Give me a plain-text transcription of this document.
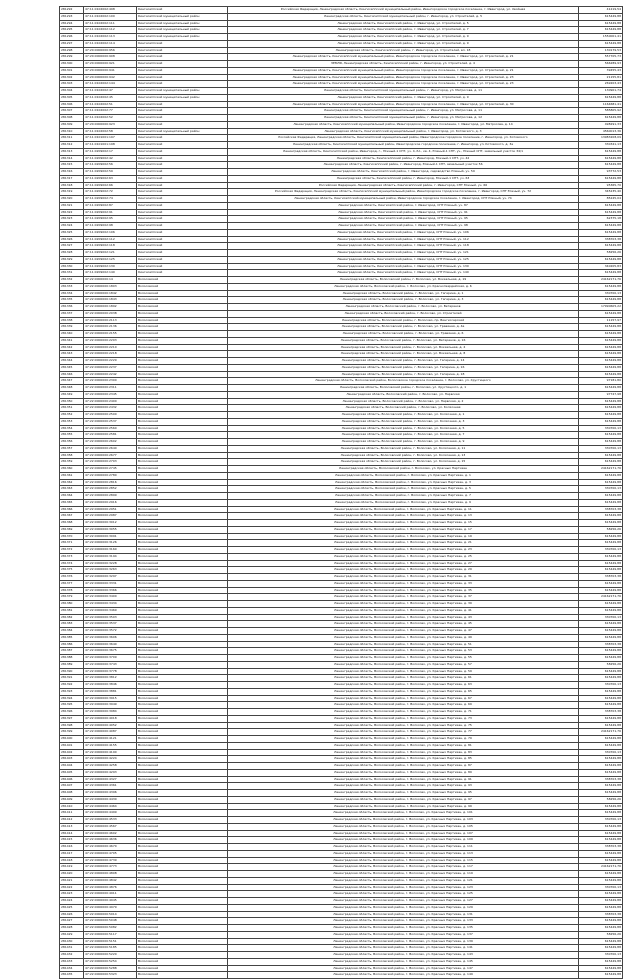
281292	47:11:0102002:498	Кингисеппский	Российская Федерация, Ленинградская область, Кингисеппский муниципальный район, Ивангородское городское поселение, г. Ивангород, ул. Хвойная	41219,54
281293	47:11:0102002:100	Кингисеппский муниципальный район	Ленинградская область, Кингисеппский муниципальный район, г. Ивангород, ул. Строителей, д. 5	615449,88
281294	47:11:0102002:111	Кингисеппский муниципальный район	Ленинградская область, Кингисеппский район, г. Ивангород, ул. Строителей, д. 5	615449,88
281295	47:11:0102002:112	Кингисеппский муниципальный район	Ленинградская область, Кингисеппский район, г. Ивангород, ул. Строителей, д. 7	615449,88
281296	47:11:0102002:113	Кингисеппский муниципальный район	Ленинградская область, Кингисеппский район, г. Ивангород, ул. Строителей, д. 9	1550001,41
281297	47:11:0102002:114	Кингисеппский	Ленинградская область, Кингисеппский район, г. Ивангород, ул. Строителей, д. 9	615449,88
281298	47:20:0000000:956	Кингисеппский	Ленинградская область, Кингисеппский район, г. Ивангород, ул. Строителей, вл. 18	130179,53
281299	47:20:0000000:908	Кингисеппский	Ленинградская область, Кингисеппский муниципальный район, Ивангородское городское поселение, г. Ивангород, ул. Строителей, д. 21	557705,73
281300	47:20:0000000:921	Кингисеппский	ЗЕМЛЯ, Ленинградская область, Кингисеппский район, г. Ивангород, ул. Строителей, д. 4	566289,93
281301	47:20:0000000:941	Кингисеппский	Ленинградская область, Кингисеппский муниципальный район, Ивангородское городское поселение, г. Ивангород, ул. Строителей, д. 21	39455,43
281302	47:20:0000000:942	Кингисеппский	Ленинградская область, Кингисеппский муниципальный район, Ивангородское городское поселение, г. Ивангород, ул. Строителей, д. 23	21155,81
281303	47:11:0102002:144	Кингисеппский	Ленинградская область, Кингисеппский муниципальный район, Ивангородское городское поселение, г. Ивангород, ул. Строителей, д. 23	269203,43
281304	47:11:0102002:47	Кингисеппский муниципальный район	Ленинградская область, Кингисеппский муниципальный район, г. Ивангород, ул. Матросова, д. 11	130901,74
281305	47:11:0102002:45	Кингисеппский муниципальный район	Ленинградская область, Кингисеппский район, г. Ивангород, ул. Строителей, д. 9	615449,88
281306	47:11:0102002:51	Кингисеппский	Ленинградская область, Кингисеппский муниципальный район, Ивангородское городское поселение, г. Ивангород, ул. Строителей, д. 30	1164681,41
281307	47:11:0102002:77	Кингисеппский	Ленинградская область, Кингисеппский муниципальный район, г. Ивангород, ул. Матросова, д. 11	585805,92
281308	47:11:0102002:52	Кингисеппский	Ленинградская область, Кингисеппский муниципальный район, г. Ивангород, ул. Матросова, д. 12	615449,88
281309	47:20:0000000:923	Кингисеппский	Ленинградская область, Кингисеппский муниципальный район, Ивангородское городское поселение, г. Ивангород, ул. Матросова, д. 14	498291,33
281310	47:11:0102002:58	Кингисеппский муниципальный район	Ленинградская область, Кингисеппский муниципальный район, г. Ивангород, ул. Котовского, д. 3	4560013,36
281311	47:11:0101001:197	Кингисеппский	Российская Федерация, Ленинградская область, Кингисеппский муниципальный район, Ивангородское городское поселение, г. Ивангород, ул. Котовского	13983208,09
281312	47:11:0101001:198	Кингисеппский	Ленинградская область, Кингисеппский муниципальный район, Ивангородское городское поселение, г. Ивангород, ул. Котовского, д. 3а	330341,13
281313	47:11:0209002:17	Кингисеппский	Ленинградская область, Кингисеппский район, Ивангород, г., Южный-1 СНТ, уч. 4, бл., кв. 4, Южный-1 СНТ, уч., Южный СНТ, земельный участок 34/1	615449,88
281314	47:11:0209002:42	Кингисеппский	Ленинградская область, Кингисеппский район, г. Ивангород, Южный-1 СНТ, уч. 42	615449,88
281315	47:11:0209002:56	Кингисеппский	Ленинградская область, Кингисеппский район, г. Ивангород, Южный-1 СНТ, земельный участок 56	615449,88
281316	47:11:0209002:59	Кингисеппский	Ленинградская область, Кингисеппский район, г. Ивангород, садоводство Южный, уч. 59	93772,53
281317	47:11:0209002:63	Кингисеппский	Ленинградская область, Кингисеппский район, г. Ивангород, Южный-1 СНТ, уч. 63	615449,88
281318	47:11:0209002:66	Кингисеппский	Российская Федерация, Ленинградская область, Кингисеппский район, г. Ивангород, СНТ Южный, уч. 66	95365,70
281319	47:11:0209002:72	Кингисеппский	Российская Федерация, Ленинградская область, Кингисеппский муниципальный район, Ивангородское городское поселение, г. Ивангород, СНТ Южный, уч. 72	345235,40
281320	47:11:0209002:74	Кингисеппский	Ленинградская область, Кингисеппский муниципальный район, Ивангородское городское поселение, г. Ивангород, СНТ Южный, уч. 74	85245,04
281321	47:11:0209002:87	Кингисеппский	Ленинградская область, Кингисеппский район, г. Ивангород, СНТ Южный, уч. 87	615449,88
281322	47:11:0209002:91	Кингисеппский	Ленинградская область, Кингисеппский район, г. Ивангород, СНТ Южный, уч. 91	615449,88
281323	47:11:0209002:95	Кингисеппский	Ленинградская область, Кингисеппский район, г. Ивангород, СНТ Южный, уч. 95	62375,18
281324	47:11:0209002:98	Кингисеппский	Ленинградская область, Кингисеппский район, г. Ивангород, СНТ Южный, уч. 98	615449,88
281325	47:11:0209002:106	Кингисеппский	Ленинградская область, Кингисеппский район, г. Ивангород, СНТ Южный, уч. 106	615449,88
281326	47:11:0209002:112	Кингисеппский	Ленинградская область, Кингисеппский район, г. Ивангород, СНТ Южный, уч. 112	338703,38
281327	47:11:0209002:118	Кингисеппский	Ленинградская область, Кингисеппский район, г. Ивангород, СНТ Южный, уч. 118	615449,88
281328	47:11:0209002:121	Кингисеппский	Ленинградская область, Кингисеппский район, г. Ивангород, СНТ Южный, уч. 121	58256,26
281329	47:11:0209002:125	Кингисеппский	Ленинградская область, Кингисеппский район, г. Ивангород, СНТ Южный, уч. 125	615449,88
281330	47:11:0209002:130	Кингисеппский	Ленинградская область, Кингисеппский район, г. Ивангород, СНТ Южный, уч. 130	340205,83
281331	47:11:0209002:140	Кингисеппский	Ленинградская область, Кингисеппский район, г. Ивангород, СНТ Южный, уч. 140	615449,88
281332	47:22:0000000:14	Волосовский	Ленинградская область, Волосовский район, г. Волосово, ул. Вокзальная, д. 19	24162171,76
281333	47:22:0000000:1803	Волосовский	Ленинградская область, Волосовский район, г. Волосово, ул. Красногвардейская, д. 6	615449,88
281334	47:22:0000000:1842	Волосовский	Ленинградская область, Волосовский район, г. Волосово, ул. Гагарина, д. 1	330700,13
281335	47:22:0000000:1843	Волосовский	Ленинградская область, Волосовский район, г. Волосово, ул. Гагарина, д. 3	615449,88
281336	47:22:0000000:1892	Волосовский	Ленинградская область, Волосовский район, г. Волосово, ул. Ветеранов	17990605,22
281337	47:22:0000000:2038	Волосовский	Ленинградская область, Волосовский район, г. Волосово, ул. Строителей	615449,88
281338	47:22:0000000:2113	Волосовский	Ленинградская область, Волосовский район, г. Волосово, пр. Вингиссарский	11157,97
281339	47:22:0000000:2136	Волосовский	Ленинградская область, Волосовский район, г. Волосово, ул. Травяная, д. 4а	615449,88
281340	47:22:0000000:2155	Волосовский	Ленинградская область, Волосовский район, г. Волосово, ул. Травяная, д. 6	615449,88
281341	47:22:0000000:2203	Волосовский	Ленинградская область, Волосовский район, г. Волосово, ул. Ветеранов, д. 16	615449,88
281342	47:22:0000000:2210	Волосовский	Ленинградская область, Волосовский район, г. Волосово, ул. Вокзальная, д. 4	615449,88
281343	47:22:0000000:2218	Волосовский	Ленинградская область, Волосовский район, г. Волосово, ул. Вокзальная, д. 8	615449,88
281344	47:22:0000000:2229	Волосовский	Ленинградская область, Волосовский район, г. Волосово, ул. Гагарина, д. 14	615449,88
281345	47:22:0000000:2237	Волосовский	Ленинградская область, Волосовский район, г. Волосово, ул. Гагарина, д. 16	615449,88
281346	47:22:0000000:2242	Волосовский	Ленинградская область, Волосовский район, г. Волосово, ул. Гагарина, д. 18	615449,88
281347	47:22:0000000:2300	Волосовский	Ленинградская область, Волосовский район, Волосовское городское поселение, г. Волосово, ул. Хрустицкого	97181,80
281348	47:22:0000000:2311	Волосовский	Ленинградская область, Волосовский район, г. Волосово, ул. Хрустицкого, д. 1	615449,88
281349	47:22:0000000:2345	Волосовский	Ленинградская область, Волосовский район, г. Волосово, ул. Нарвская	97747,98
281350	47:22:0000000:2400	Волосовский	Ленинградская область, Волосовский район, г. Волосово, ул. Нарвская, д. 2	615449,88
281351	47:22:0000000:2432	Волосовский	Ленинградская область, Волосовский район, г. Волосово, ул. Колхозная	615449,88
281352	47:22:0000000:2500	Волосовский	Ленинградская область, Волосовский район, г. Волосово, ул. Колхозная, д. 1	615449,88
281353	47:22:0000000:2537	Волосовский	Ленинградская область, Волосовский район, г. Волосово, ул. Колхозная, д. 3	615449,88
281354	47:22:0000000:2560	Волосовский	Ленинградская область, Волосовский район, г. Волосово, ул. Колхозная, д. 5	330700,13
281355	47:22:0000000:2581	Волосовский	Ленинградская область, Волосовский район, г. Волосово, ул. Колхозная, д. 7	615449,88
281356	47:22:0000000:2602	Волосовский	Ленинградская область, Волосовский район, г. Волосово, ул. Колхозная, д. 9	615449,88
281357	47:22:0000000:2640	Волосовский	Ленинградская область, Волосовский район, г. Волосово, ул. Колхозная, д. 11	330700,13
281358	47:22:0000000:2677	Волосовский	Ленинградская область, Волосовский район, г. Волосово, ул. Колхозная, д. 13	615449,88
281359	47:22:0000000:2703	Волосовский	Ленинградская область, Волосовский район, г. Волосово, ул. Колхозная, д. 15	615449,88
281360	47:22:0000000:2745	Волосовский	Ленинградская область, Волосовский район, г. Волосово, ул. Красных Партизан	24162171,76
281361	47:22:0000000:2780	Волосовский	Ленинградская область, Волосовский район, г. Волосово, ул. Красных Партизан, д. 1	615449,88
281362	47:22:0000000:2816	Волосовский	Ленинградская область, Волосовский район, г. Волосово, ул. Красных Партизан, д. 3	615449,88
281363	47:22:0000000:2852	Волосовский	Ленинградская область, Волосовский район, г. Волосово, ул. Красных Партизан, д. 5	330700,13
281364	47:22:0000000:2899	Волосовский	Ленинградская область, Волосовский район, г. Волосово, ул. Красных Партизан, д. 7	615449,88
281365	47:22:0000000:2916	Волосовский	Ленинградская область, Волосовский район, г. Волосово, ул. Красных Партизан, д. 9	615449,88
281366	47:22:0000000:2951	Волосовский	Ленинградская область, Волосовский район, г. Волосово, ул. Красных Партизан, д. 11	338703,38
281367	47:22:0000000:2987	Волосовский	Ленинградская область, Волосовский район, г. Волосово, ул. Красных Партизан, д. 13	615449,88
281368	47:22:0000000:3012	Волосовский	Ленинградская область, Волосовский район, г. Волосово, ул. Красных Партизан, д. 15	615449,88
281369	47:22:0000000:3055	Волосовский	Ленинградская область, Волосовский район, г. Волосово, ул. Красных Партизан, д. 17	58256,26
281370	47:22:0000000:3091	Волосовский	Ленинградская область, Волосовский район, г. Волосово, ул. Красных Партизан, д. 19	615449,88
281371	47:22:0000000:3126	Волосовский	Ленинградская область, Волосовский район, г. Волосово, ул. Красных Партизан, д. 21	615449,88
281372	47:22:0000000:3160	Волосовский	Ленинградская область, Волосовский район, г. Волосово, ул. Красных Партизан, д. 23	330700,13
281373	47:22:0000000:3194	Волосовский	Ленинградская область, Волосовский район, г. Волосово, ул. Красных Партизан, д. 25	615449,88
281374	47:22:0000000:3228	Волосовский	Ленинградская область, Волосовский район, г. Волосово, ул. Красных Партизан, д. 27	615449,88
281375	47:22:0000000:3263	Волосовский	Ленинградская область, Волосовский район, г. Волосово, ул. Красных Партизан, д. 29	615449,88
281376	47:22:0000000:3297	Волосовский	Ленинградская область, Волосовский район, г. Волосово, ул. Красных Партизан, д. 31	338703,38
281377	47:22:0000000:3331	Волосовский	Ленинградская область, Волосовский район, г. Волосово, ул. Красных Партизан, д. 33	615449,88
281378	47:22:0000000:3366	Волосовский	Ленинградская область, Волосовский район, г. Волосово, ул. Красных Партизан, д. 35	615449,88
281379	47:22:0000000:3400	Волосовский	Ленинградская область, Волосовский район, г. Волосово, ул. Красных Партизан, д. 37	24162171,76
281380	47:22:0000000:3434	Волосовский	Ленинградская область, Волосовский район, г. Волосово, ул. Красных Партизан, д. 39	615449,88
281381	47:22:0000000:3469	Волосовский	Ленинградская область, Волосовский район, г. Волосово, ул. Красных Партизан, д. 41	615449,88
281382	47:22:0000000:3503	Волосовский	Ленинградская область, Волосовский район, г. Волосово, ул. Красных Партизан, д. 43	330700,13
281383	47:22:0000000:3537	Волосовский	Ленинградская область, Волосовский район, г. Волосово, ул. Красных Партизан, д. 45	615449,88
281384	47:22:0000000:3572	Волосовский	Ленинградская область, Волосовский район, г. Волосово, ул. Красных Партизан, д. 47	615449,88
281385	47:22:0000000:3606	Волосовский	Ленинградская область, Волосовский район, г. Волосово, ул. Красных Партизан, д. 49	615449,88
281386	47:22:0000000:3640	Волосовский	Ленинградская область, Волосовский район, г. Волосово, ул. Красных Партизан, д. 51	338703,38
281387	47:22:0000000:3675	Волосовский	Ленинградская область, Волосовский район, г. Волосово, ул. Красных Партизан, д. 53	615449,88
281388	47:22:0000000:3709	Волосовский	Ленинградская область, Волосовский район, г. Волосово, ул. Красных Партизан, д. 55	615449,88
281389	47:22:0000000:3743	Волосовский	Ленинградская область, Волосовский район, г. Волосово, ул. Красных Партизан, д. 57	58256,26
281390	47:22:0000000:3778	Волосовский	Ленинградская область, Волосовский район, г. Волосово, ул. Красных Партизан, д. 59	615449,88
281391	47:22:0000000:3812	Волосовский	Ленинградская область, Волосовский район, г. Волосово, ул. Красных Партизан, д. 61	615449,88
281392	47:22:0000000:3846	Волосовский	Ленинградская область, Волосовский район, г. Волосово, ул. Красных Партизан, д. 63	330700,13
281393	47:22:0000000:3881	Волосовский	Ленинградская область, Волосовский район, г. Волосово, ул. Красных Партизан, д. 65	615449,88
281394	47:22:0000000:3915	Волосовский	Ленинградская область, Волосовский район, г. Волосово, ул. Красных Партизан, д. 67	615449,88
281395	47:22:0000000:3949	Волосовский	Ленинградская область, Волосовский район, г. Волосово, ул. Красных Партизан, д. 69	615449,88
281396	47:22:0000000:3984	Волосовский	Ленинградская область, Волосовский район, г. Волосово, ул. Красных Партизан, д. 71	338703,38
281397	47:22:0000000:4018	Волосовский	Ленинградская область, Волосовский район, г. Волосово, ул. Красных Партизан, д. 73	615449,88
281398	47:22:0000000:4052	Волосовский	Ленинградская область, Волосовский район, г. Волосово, ул. Красных Партизан, д. 75	615449,88
281399	47:22:0000000:4087	Волосовский	Ленинградская область, Волосовский район, г. Волосово, ул. Красных Партизан, д. 77	24162171,76
281400	47:22:0000000:4121	Волосовский	Ленинградская область, Волосовский район, г. Волосово, ул. Красных Партизан, д. 79	615449,88
281401	47:22:0000000:4155	Волосовский	Ленинградская область, Волосовский район, г. Волосово, ул. Красных Партизан, д. 81	615449,88
281402	47:22:0000000:4190	Волосовский	Ленинградская область, Волосовский район, г. Волосово, ул. Красных Партизан, д. 83	330700,13
281403	47:22:0000000:4224	Волосовский	Ленинградская область, Волосовский район, г. Волосово, ул. Красных Партизан, д. 85	615449,88
281404	47:22:0000000:4258	Волосовский	Ленинградская область, Волосовский район, г. Волосово, ул. Красных Партизан, д. 87	615449,88
281405	47:22:0000000:4293	Волосовский	Ленинградская область, Волосовский район, г. Волосово, ул. Красных Партизан, д. 89	615449,88
281406	47:22:0000000:4327	Волосовский	Ленинградская область, Волосовский район, г. Волосово, ул. Красных Партизан, д. 91	338703,38
281407	47:22:0000000:4361	Волосовский	Ленинградская область, Волосовский район, г. Волосово, ул. Красных Партизан, д. 93	615449,88
281408	47:22:0000000:4396	Волосовский	Ленинградская область, Волосовский район, г. Волосово, ул. Красных Партизан, д. 95	615449,88
281409	47:22:0000000:4430	Волосовский	Ленинградская область, Волосовский район, г. Волосово, ул. Красных Партизан, д. 97	58256,26
281410	47:22:0000000:4464	Волосовский	Ленинградская область, Волосовский район, г. Волосово, ул. Красных Партизан, д. 99	615449,88
281411	47:22:0000000:4499	Волосовский	Ленинградская область, Волосовский район, г. Волосово, ул. Красных Партизан, д. 101	615449,88
281412	47:22:0000000:4533	Волосовский	Ленинградская область, Волосовский район, г. Волосово, ул. Красных Партизан, д. 103	330700,13
281413	47:22:0000000:4567	Волосовский	Ленинградская область, Волосовский район, г. Волосово, ул. Красных Партизан, д. 105	615449,88
281414	47:22:0000000:4602	Волосовский	Ленинградская область, Волосовский район, г. Волосово, ул. Красных Партизан, д. 107	615449,88
281415	47:22:0000000:4636	Волосовский	Ленинградская область, Волосовский район, г. Волосово, ул. Красных Партизан, д. 109	615449,88
281416	47:22:0000000:4670	Волосовский	Ленинградская область, Волосовский район, г. Волосово, ул. Красных Партизан, д. 111	338703,38
281417	47:22:0000000:4705	Волосовский	Ленинградская область, Волосовский район, г. Волосово, ул. Красных Партизан, д. 113	615449,88
281418	47:22:0000000:4739	Волосовский	Ленинградская область, Волосовский район, г. Волосово, ул. Красных Партизан, д. 115	615449,88
281419	47:22:0000000:4773	Волосовский	Ленинградская область, Волосовский район, г. Волосово, ул. Красных Партизан, д. 117	24162171,76
281420	47:22:0000000:4808	Волосовский	Ленинградская область, Волосовский район, г. Волосово, ул. Красных Партизан, д. 119	615449,88
281421	47:22:0000000:4842	Волосовский	Ленинградская область, Волосовский район, г. Волосово, ул. Красных Партизан, д. 121	615449,88
281422	47:22:0000000:4876	Волосовский	Ленинградская область, Волосовский район, г. Волосово, ул. Красных Партизан, д. 123	330700,13
281423	47:22:0000000:4911	Волосовский	Ленинградская область, Волосовский район, г. Волосово, ул. Красных Партизан, д. 125	615449,88
281424	47:22:0000000:4945	Волосовский	Ленинградская область, Волосовский район, г. Волосово, ул. Красных Партизан, д. 127	615449,88
281425	47:22:0000000:4979	Волосовский	Ленинградская область, Волосовский район, г. Волосово, ул. Красных Партизан, д. 129	615449,88
281426	47:22:0000000:5014	Волосовский	Ленинградская область, Волосовский район, г. Волосово, ул. Красных Партизан, д. 131	338703,38
281427	47:22:0000000:5048	Волосовский	Ленинградская область, Волосовский район, г. Волосово, ул. Красных Партизан, д. 133	615449,88
281428	47:22:0000000:5082	Волосовский	Ленинградская область, Волосовский район, г. Волосово, ул. Красных Партизан, д. 135	615449,88
281429	47:22:0000000:5117	Волосовский	Ленинградская область, Волосовский район, г. Волосово, ул. Красных Партизан, д. 137	58256,26
281430	47:22:0000000:5151	Волосовский	Ленинградская область, Волосовский район, г. Волосово, ул. Красных Партизан, д. 139	615449,88
281431	47:22:0000000:5185	Волосовский	Ленинградская область, Волосовский район, г. Волосово, ул. Красных Партизан, д. 141	615449,88
281432	47:22:0000000:5220	Волосовский	Ленинградская область, Волосовский район, г. Волосово, ул. Красных Партизан, д. 143	330700,13
281433	47:22:0000000:5254	Волосовский	Ленинградская область, Волосовский район, г. Волосово, ул. Красных Партизан, д. 145	615449,88
281434	47:22:0000000:5288	Волосовский	Ленинградская область, Волосовский район, г. Волосово, ул. Красных Партизан, д. 147	615449,88
281435	47:22:0000000:5323	Волосовский	Ленинградская область, Волосовский район, г. Волосово, ул. Красных Партизан, д. 149	615449,88
